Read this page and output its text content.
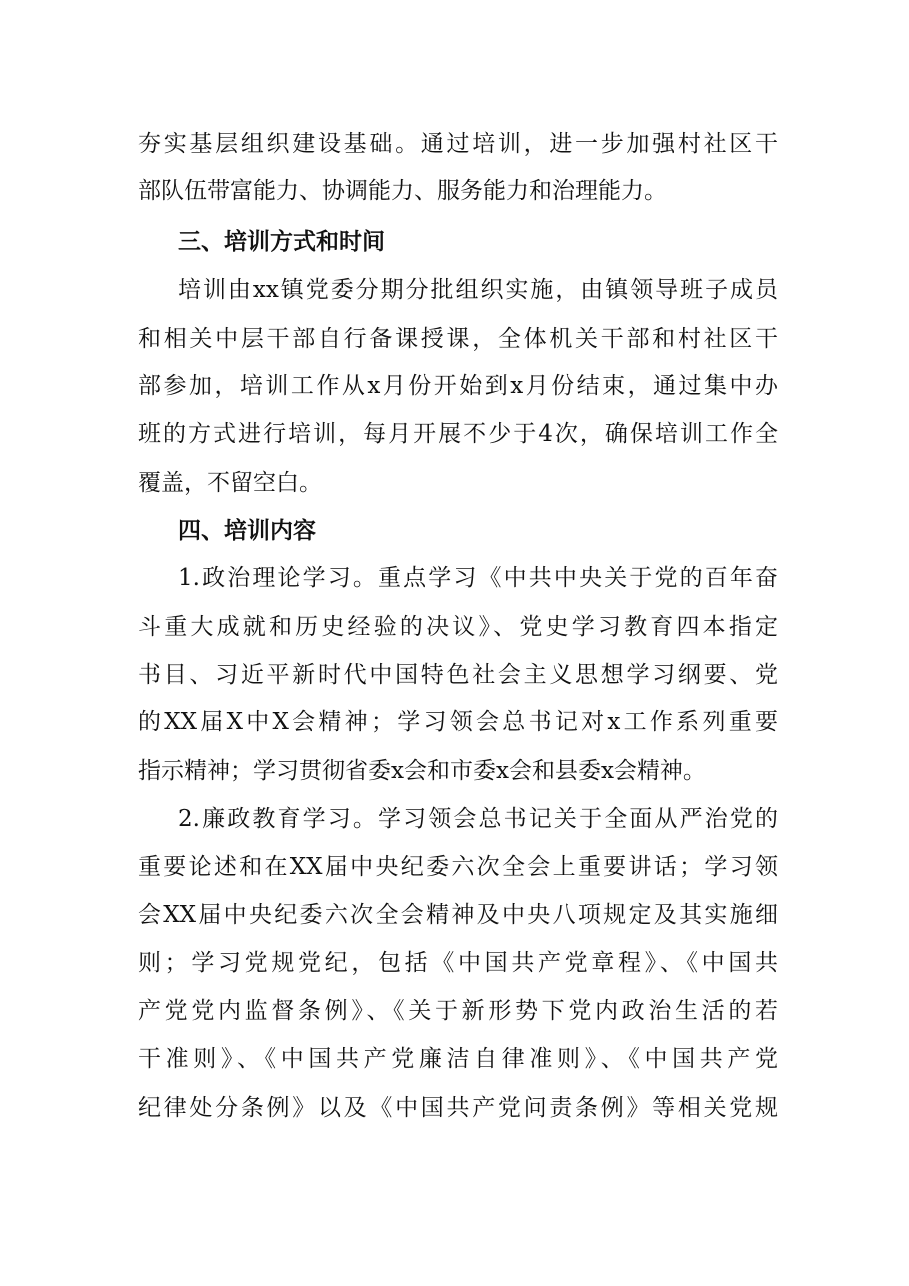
夯实基层组织建设基础。通过培训，进一步加强村社区干
部队伍带富能力、协调能力、服务能力和治理能力。
三、培训方式和时间
培训由xx镇党委分期分批组织实施，由镇领导班子成员
和相关中层干部自行备课授课，全体机关干部和村社区干
部参加，培训工作从x月份开始到x月份结束，通过集中办
班的方式进行培训，每月开展不少于4次，确保培训工作全
覆盖，不留空白。
四、培训内容
1.政治理论学习。重点学习《中共中央关于党的百年奋
斗重大成就和历史经验的决议》、党史学习教育四本指定
书目、习近平新时代中国特色社会主义思想学习纲要、党
的XX届X中X会精神；学习领会总书记对x工作系列重要
指示精神；学习贯彻省委x会和市委x会和县委x会精神。
2.廉政教育学习。学习领会总书记关于全面从严治党的
重要论述和在XX届中央纪委六次全会上重要讲话；学习领
会XX届中央纪委六次全会精神及中央八项规定及其实施细
则；学习党规党纪，包括《中国共产党章程》、《中国共
产党党内监督条例》、《关于新形势下党内政治生活的若
干准则》、《中国共产党廉洁自律准则》、《中国共产党
纪律处分条例》以及《中国共产党问责条例》等相关党规
